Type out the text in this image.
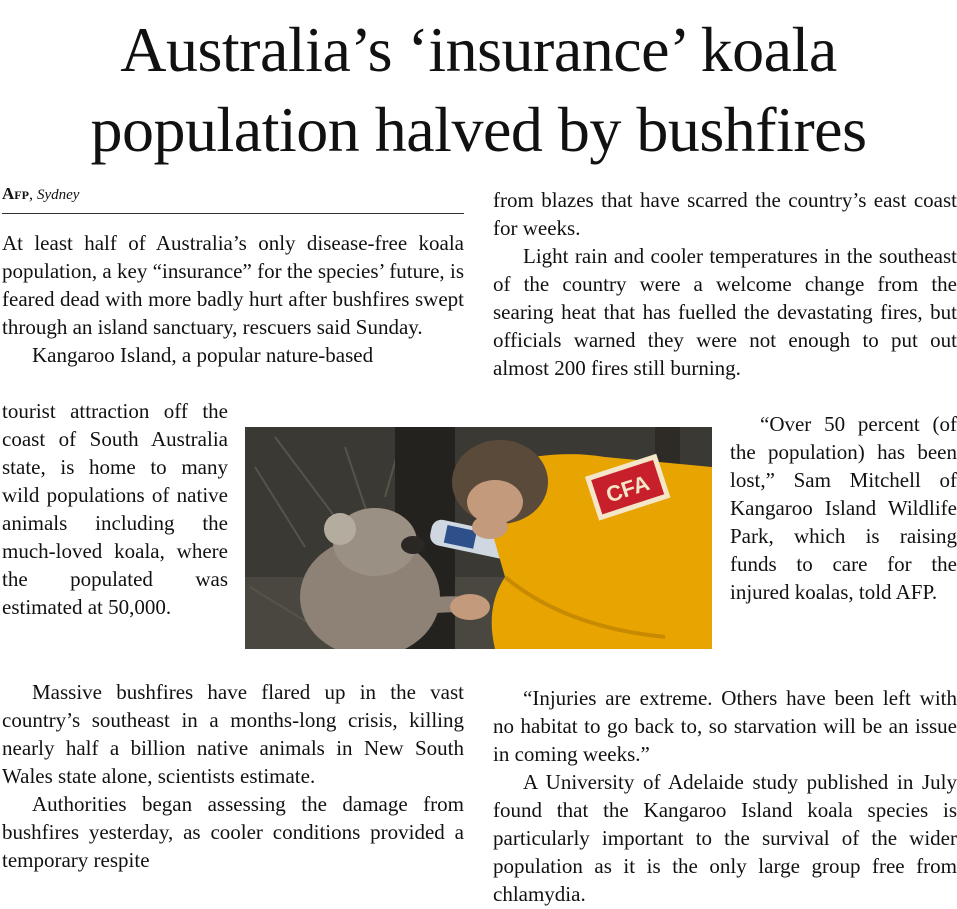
Australia’s ‘insurance’ koala
population halved by bushfires
Afp, Sydney

At least half of Australia’s only disease-free koala population, a key “insurance” for the species’ future, is feared dead with more badly hurt after bushfires swept through an island sanctuary, rescuers said Sunday.

Kangaroo Island, a popular nature-based

tourist attraction off the coast of South Australia state, is home to many wild populations of native animals including the much-loved koala, where the populated was estimated at 50,000.

Massive bushfires have flared up in the vast country’s southeast in a months-long crisis, killing nearly half a billion native animals in New South Wales state alone, scientists estimate.

Authorities began assessing the damage from bushfires yesterday, as cooler conditions provided a temporary respite

from blazes that have scarred the country’s east coast for weeks.

Light rain and cooler temperatures in the southeast of the country were a welcome change from the searing heat that has fuelled the devastating fires, but officials warned they were not enough to put out almost 200 fires still burning.

“Over 50 percent (of the population) has been lost,” Sam Mitchell of Kangaroo Island Wildlife Park, which is raising funds to care for the injured koalas, told AFP.

“Injuries are extreme. Others have been left with no habitat to go back to, so starvation will be an issue in coming weeks.”

A University of Adelaide study published in July found that the Kangaroo Island koala species is particularly important to the survival of the wider population as it is the only large group free from chlamydia.

CFA
